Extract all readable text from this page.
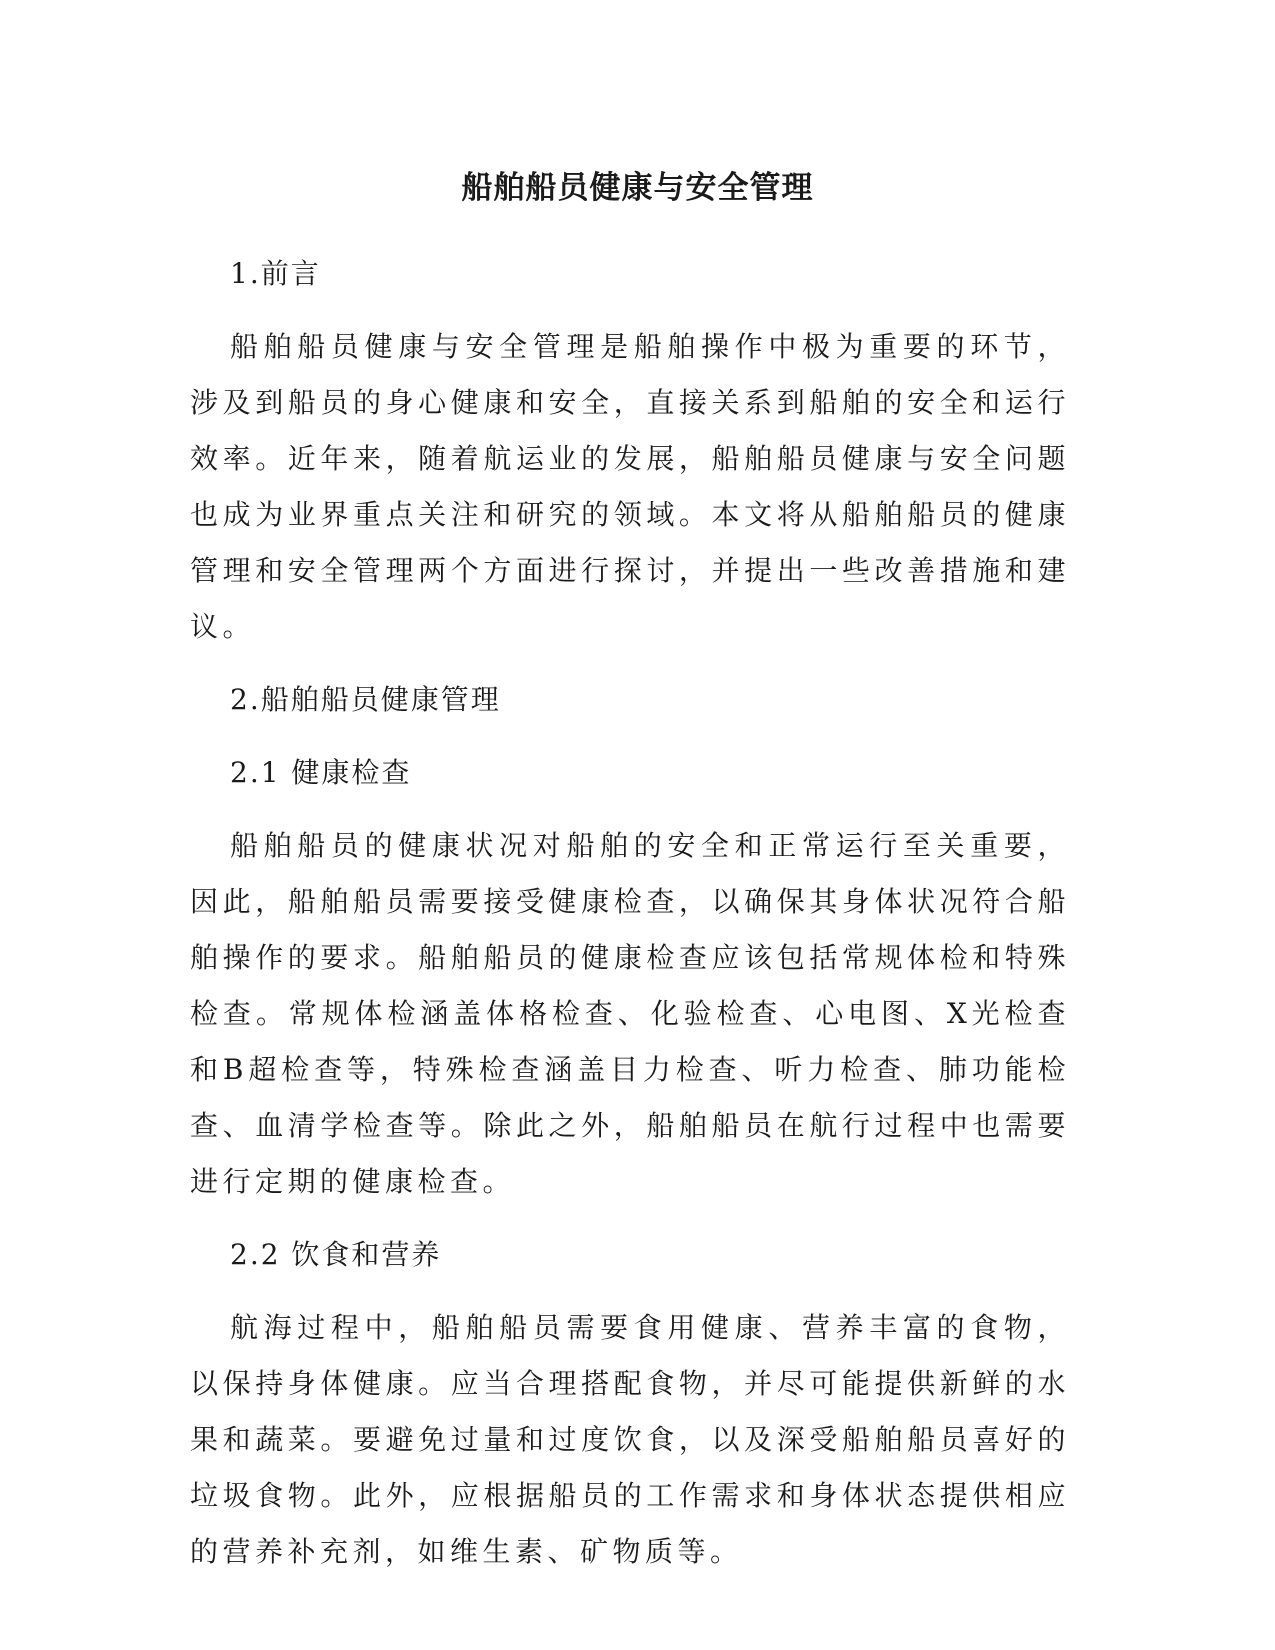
船舶船员健康与安全管理

1.前言

船舶船员健康与安全管理是船舶操作中极为重要的环节，涉及到船员的身心健康和安全，直接关系到船舶的安全和运行效率。近年来，随着航运业的发展，船舶船员健康与安全问题也成为业界重点关注和研究的领域。本文将从船舶船员的健康管理和安全管理两个方面进行探讨，并提出一些改善措施和建议。

2.船舶船员健康管理

2.1 健康检查

船舶船员的健康状况对船舶的安全和正常运行至关重要，因此，船舶船员需要接受健康检查，以确保其身体状况符合船舶操作的要求。船舶船员的健康检查应该包括常规体检和特殊检查。常规体检涵盖体格检查、化验检查、心电图、X光检查和B超检查等，特殊检查涵盖目力检查、听力检查、肺功能检查、血清学检查等。除此之外，船舶船员在航行过程中也需要进行定期的健康检查。

2.2 饮食和营养

航海过程中，船舶船员需要食用健康、营养丰富的食物，以保持身体健康。应当合理搭配食物，并尽可能提供新鲜的水果和蔬菜。要避免过量和过度饮食，以及深受船舶船员喜好的垃圾食物。此外，应根据船员的工作需求和身体状态提供相应的营养补充剂，如维生素、矿物质等。
